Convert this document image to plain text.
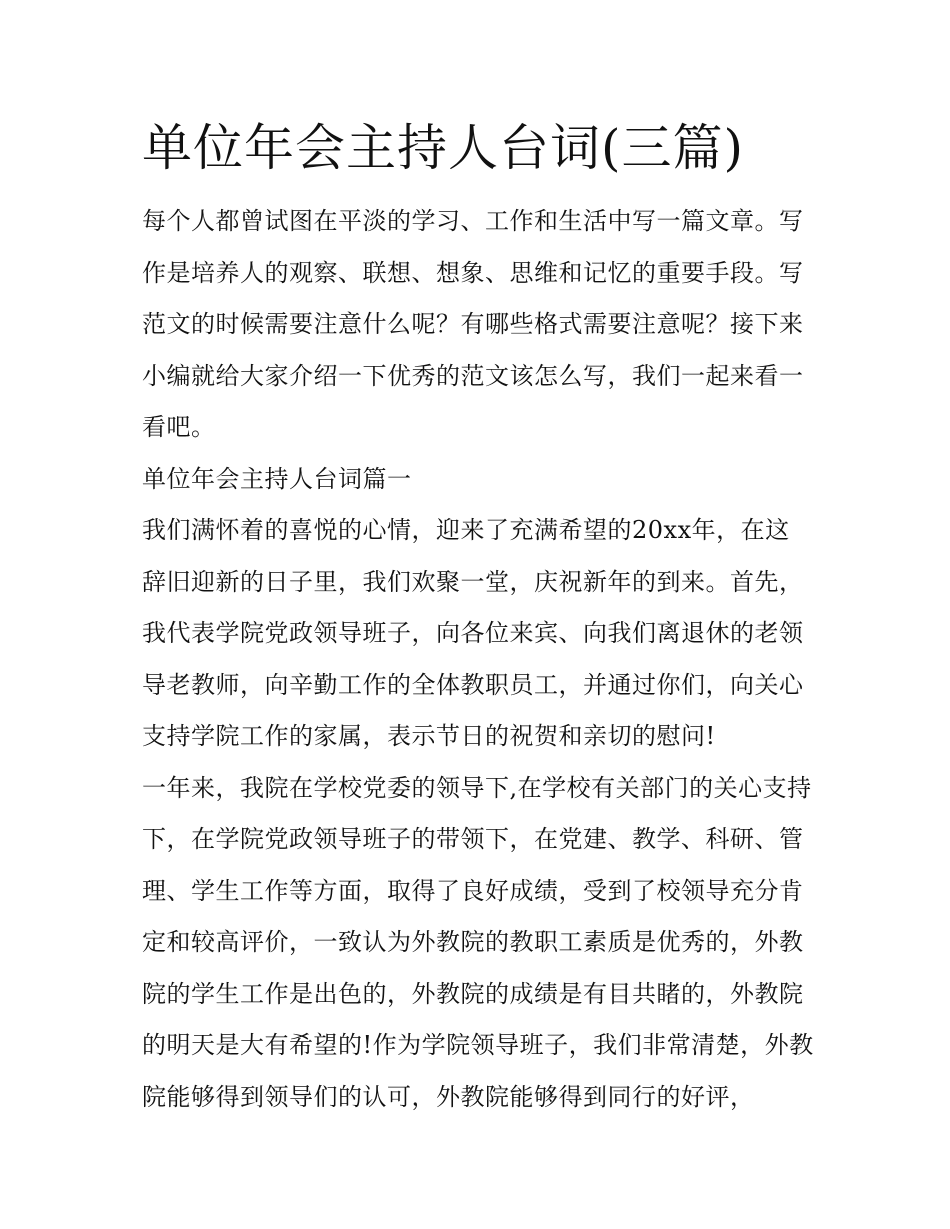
单位年会主持人台词(三篇)

每个人都曾试图在平淡的学习、工作和生活中写一篇文章。写作是培养人的观察、联想、想象、思维和记忆的重要手段。写范文的时候需要注意什么呢？有哪些格式需要注意呢？接下来小编就给大家介绍一下优秀的范文该怎么写，我们一起来看一看吧。

单位年会主持人台词篇一

我们满怀着的喜悦的心情，迎来了充满希望的20xx年，在这辞旧迎新的日子里，我们欢聚一堂，庆祝新年的到来。首先，我代表学院党政领导班子，向各位来宾、向我们离退休的老领导老教师，向辛勤工作的全体教职员工，并通过你们，向关心支持学院工作的家属，表示节日的祝贺和亲切的慰问!

一年来，我院在学校党委的领导下,在学校有关部门的关心支持下，在学院党政领导班子的带领下，在党建、教学、科研、管理、学生工作等方面，取得了良好成绩，受到了校领导充分肯定和较高评价，一致认为外教院的教职工素质是优秀的，外教院的学生工作是出色的，外教院的成绩是有目共睹的，外教院的明天是大有希望的!作为学院领导班子，我们非常清楚，外教院能够得到领导们的认可，外教院能够得到同行的好评，
